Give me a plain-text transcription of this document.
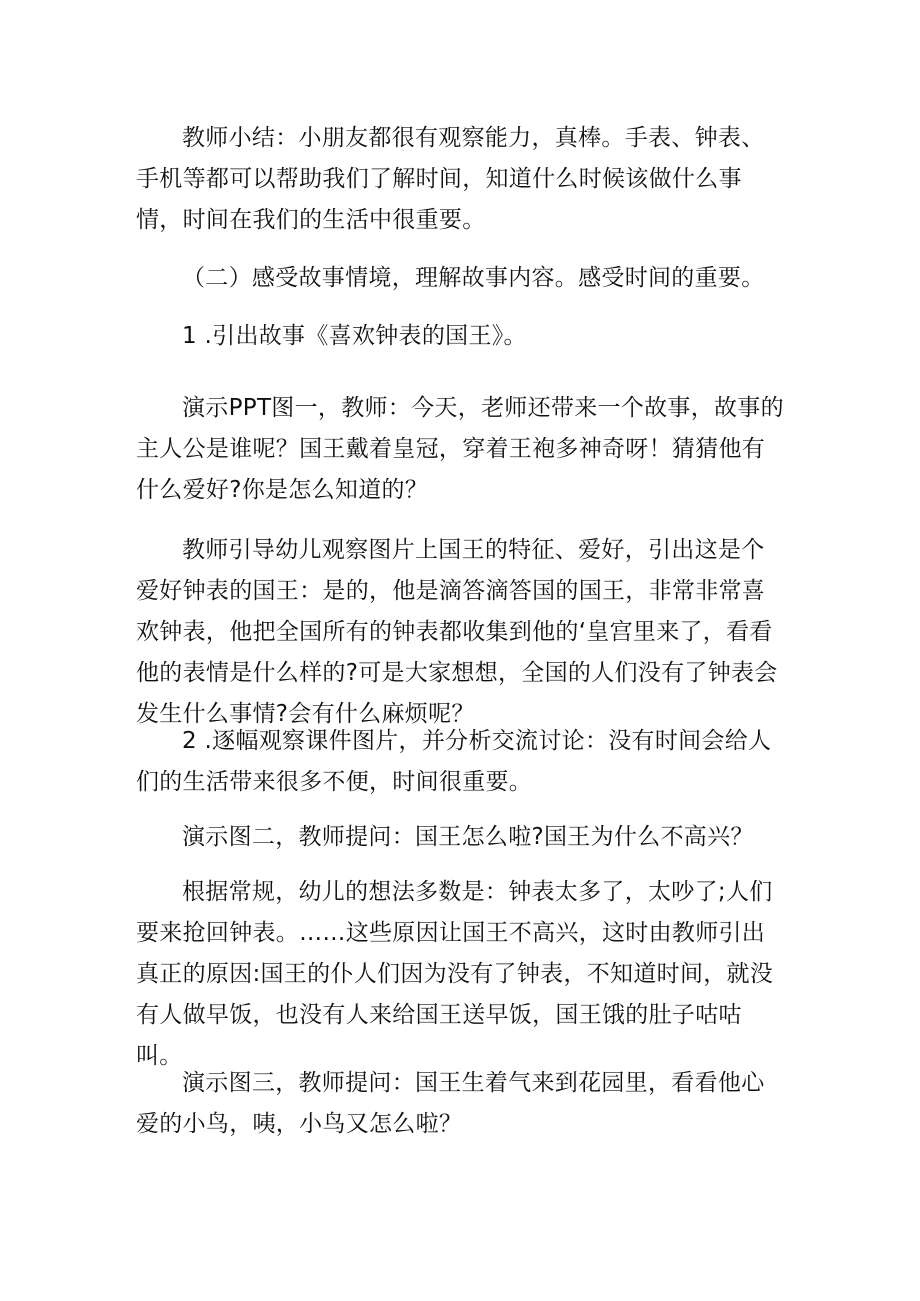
教师小结：小朋友都很有观察能力，真棒。手表、钟表、手机等都可以帮助我们了解时间，知道什么时候该做什么事情，时间在我们的生活中很重要。

（二）感受故事情境，理解故事内容。感受时间的重要。

1 .引出故事《喜欢钟表的国王》。

演示PPT图一，教师：今天，老师还带来一个故事，故事的主人公是谁呢？国王戴着皇冠，穿着王袍多神奇呀！猜猜他有什么爱好?你是怎么知道的？

教师引导幼儿观察图片上国王的特征、爱好，引出这是个爱好钟表的国王：是的，他是滴答滴答国的国王，非常非常喜欢钟表，他把全国所有的钟表都收集到他的‘皇宫里来了，看看他的表情是什么样的?可是大家想想，全国的人们没有了钟表会发生什么事情?会有什么麻烦呢？

2 .逐幅观察课件图片，并分析交流讨论：没有时间会给人们的生活带来很多不便，时间很重要。

演示图二，教师提问：国王怎么啦?国王为什么不高兴？

根据常规，幼儿的想法多数是：钟表太多了，太吵了;人们要来抢回钟表。……这些原因让国王不高兴，这时由教师引出真正的原因:国王的仆人们因为没有了钟表，不知道时间，就没有人做早饭，也没有人来给国王送早饭，国王饿的肚子咕咕叫。

演示图三，教师提问：国王生着气来到花园里，看看他心爱的小鸟，咦，小鸟又怎么啦？
